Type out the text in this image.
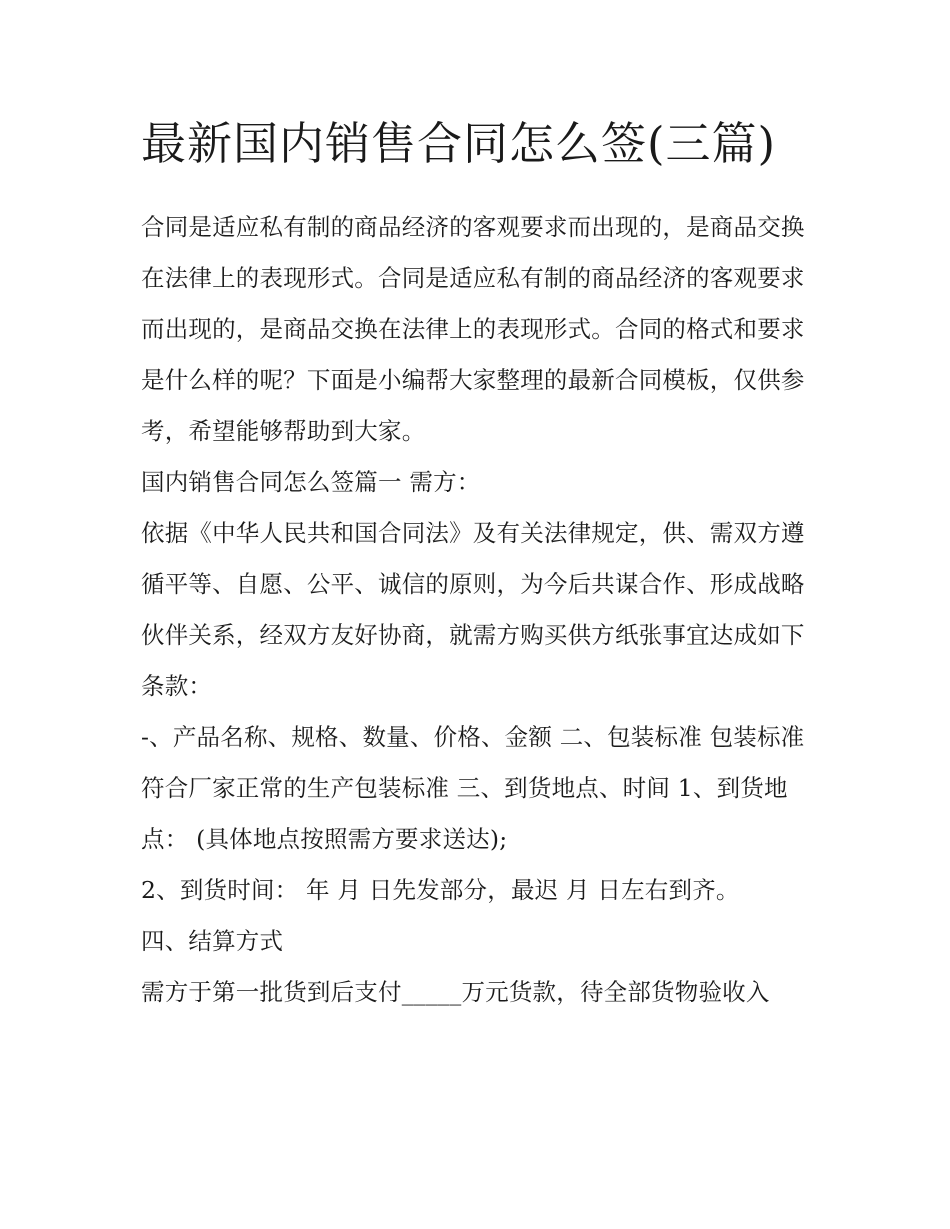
最新国内销售合同怎么签(三篇)

合同是适应私有制的商品经济的客观要求而出现的，是商品交换在法律上的表现形式。合同是适应私有制的商品经济的客观要求而出现的，是商品交换在法律上的表现形式。合同的格式和要求是什么样的呢？下面是小编帮大家整理的最新合同模板，仅供参考，希望能够帮助到大家。

国内销售合同怎么签篇一 需方：

依据《中华人民共和国合同法》及有关法律规定，供、需双方遵循平等、自愿、公平、诚信的原则，为今后共谋合作、形成战略伙伴关系，经双方友好协商，就需方购买供方纸张事宜达成如下条款：

-、产品名称、规格、数量、价格、金额 二、包装标准 包装标准符合厂家正常的生产包装标准 三、到货地点、时间 1、到货地点： (具体地点按照需方要求送达);

2、到货时间： 年 月 日先发部分，最迟 月 日左右到齐。

四、结算方式

需方于第一批货到后支付_____万元货款，待全部货物验收入
